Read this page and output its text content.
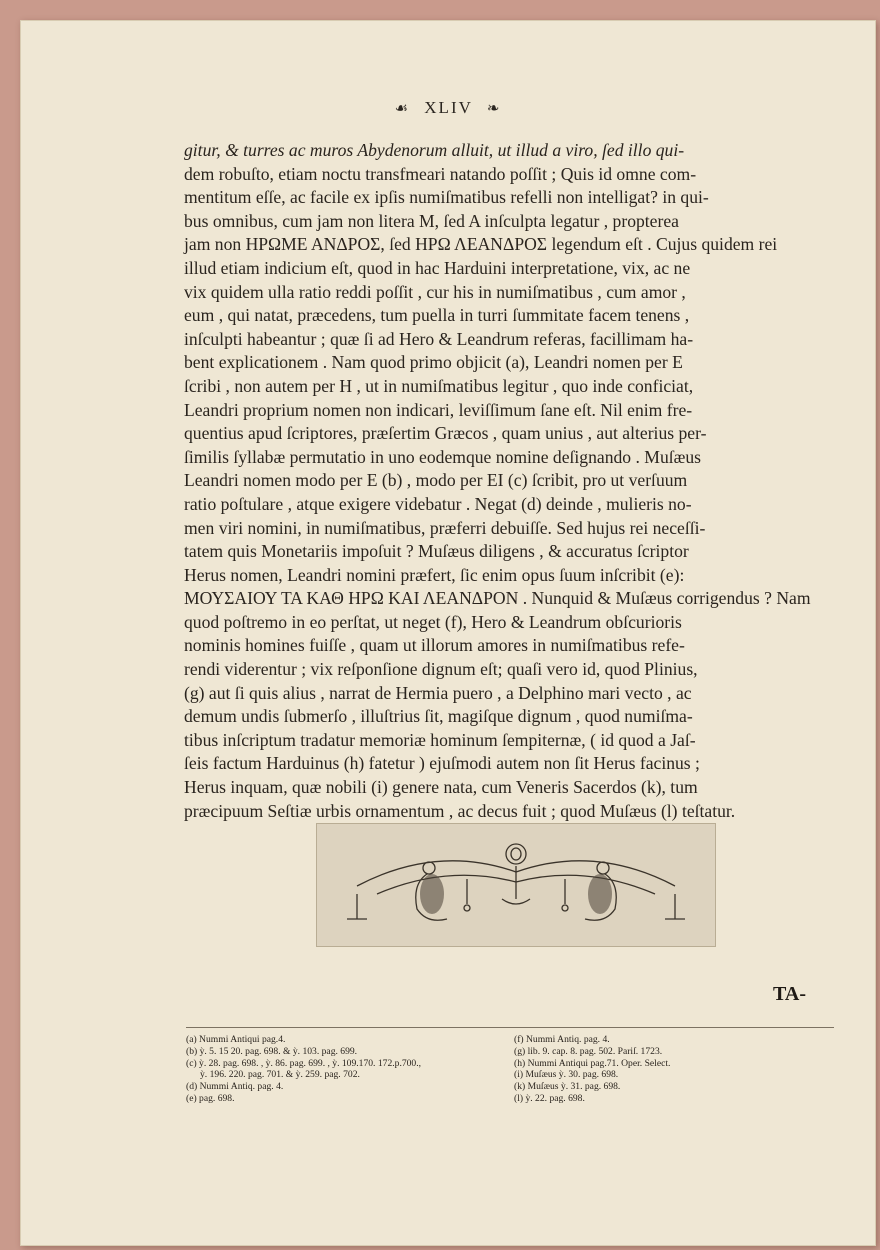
☙ XLIV ❧

gitur, & turres ac muros Abydenorum alluit, ut illud a viro, ſed illo qui-

dem robuſto, etiam noctu transfmeari natando poſſit ; Quis id omne com-

mentitum eſſe, ac facile ex ipſis numiſmatibus refelli non intelligat? in qui-

bus omnibus, cum jam non litera M, ſed A inſculpta legatur , propterea

jam non ΗΡΩΜΕ ΑΝΔΡΟΣ, ſed ΗΡΩ ΛΕΑΝΔΡΟΣ legendum eſt . Cujus quidem rei

illud etiam indicium eſt, quod in hac Harduini interpretatione, vix, ac ne

vix quidem ulla ratio reddi poſſit , cur his in numiſmatibus , cum amor ,

eum , qui natat, præcedens, tum puella in turri ſummitate facem tenens ,

inſculpti habeantur ; quæ ſi ad Hero & Leandrum referas, facillimam ha-

bent explicationem . Nam quod primo objicit (a), Leandri nomen per E

ſcribi , non autem per H , ut in numiſmatibus legitur , quo inde conficiat,

Leandri proprium nomen non indicari, leviſſimum ſane eſt. Nil enim fre-

quentius apud ſcriptores, præſertim Græcos , quam unius , aut alterius per-

ſimilis ſyllabæ permutatio in uno eodemque nomine deſignando . Muſæus

Leandri nomen modo per E (b) , modo per EI (c) ſcribit, pro ut verſuum

ratio poſtulare , atque exigere videbatur . Negat (d) deinde , mulieris no-

men viri nomini, in numiſmatibus, præferri debuiſſe. Sed hujus rei neceſſi-

tatem quis Monetariis impoſuit ? Muſæus diligens , & accuratus ſcriptor

Herus nomen, Leandri nomini præfert, ſic enim opus ſuum inſcribit (e):

ΜΟΥΣΑΙΟΥ ΤΑ ΚΑΘ ΗΡΩ ΚΑΙ ΛΕΑΝΔΡΟΝ . Nunquid & Muſæus corrigendus ? Nam

quod poſtremo in eo perſtat, ut neget (f), Hero & Leandrum obſcurioris

nominis homines fuiſſe , quam ut illorum amores in numiſmatibus refe-

rendi viderentur ; vix reſponſione dignum eſt; quaſi vero id, quod Plinius,

(g) aut ſi quis alius , narrat de Hermia puero , a Delphino mari vecto , ac

demum undis ſubmerſo , illuſtrius ſit, magiſque dignum , quod numiſma-

tibus inſcriptum tradatur memoriæ hominum ſempiternæ, ( id quod a Jaſ-

ſeis factum Harduinus (h) fatetur ) ejuſmodi autem non ſit Herus facinus ;

Herus inquam, quæ nobili (i) genere nata, cum Veneris Sacerdos (k), tum

præcipuum Seſtiæ urbis ornamentum , ac decus fuit ; quod Muſæus (l) teſtatur.

TA-
(a) Nummi Antiqui pag.4.
(b) ỳ. 5. 15 20. pag. 698. & ỳ. 103. pag. 699.
(c) ỳ. 28. pag. 698. , ỳ. 86. pag. 699. , ỳ. 109.170. 172.p.700.,
ỳ. 196. 220. pag. 701. & ỳ. 259. pag. 702.
(d) Nummi Antiq. pag. 4.
(e) pag. 698.
(f) Nummi Antiq. pag. 4.
(g) lib. 9. cap. 8. pag. 502. Pariſ. 1723.
(h) Nummi Antiqui pag.71. Oper. Select.
(i) Muſæus ỳ. 30. pag. 698.
(k) Muſæus ỳ. 31. pag. 698.
(l) ỳ. 22. pag. 698.
